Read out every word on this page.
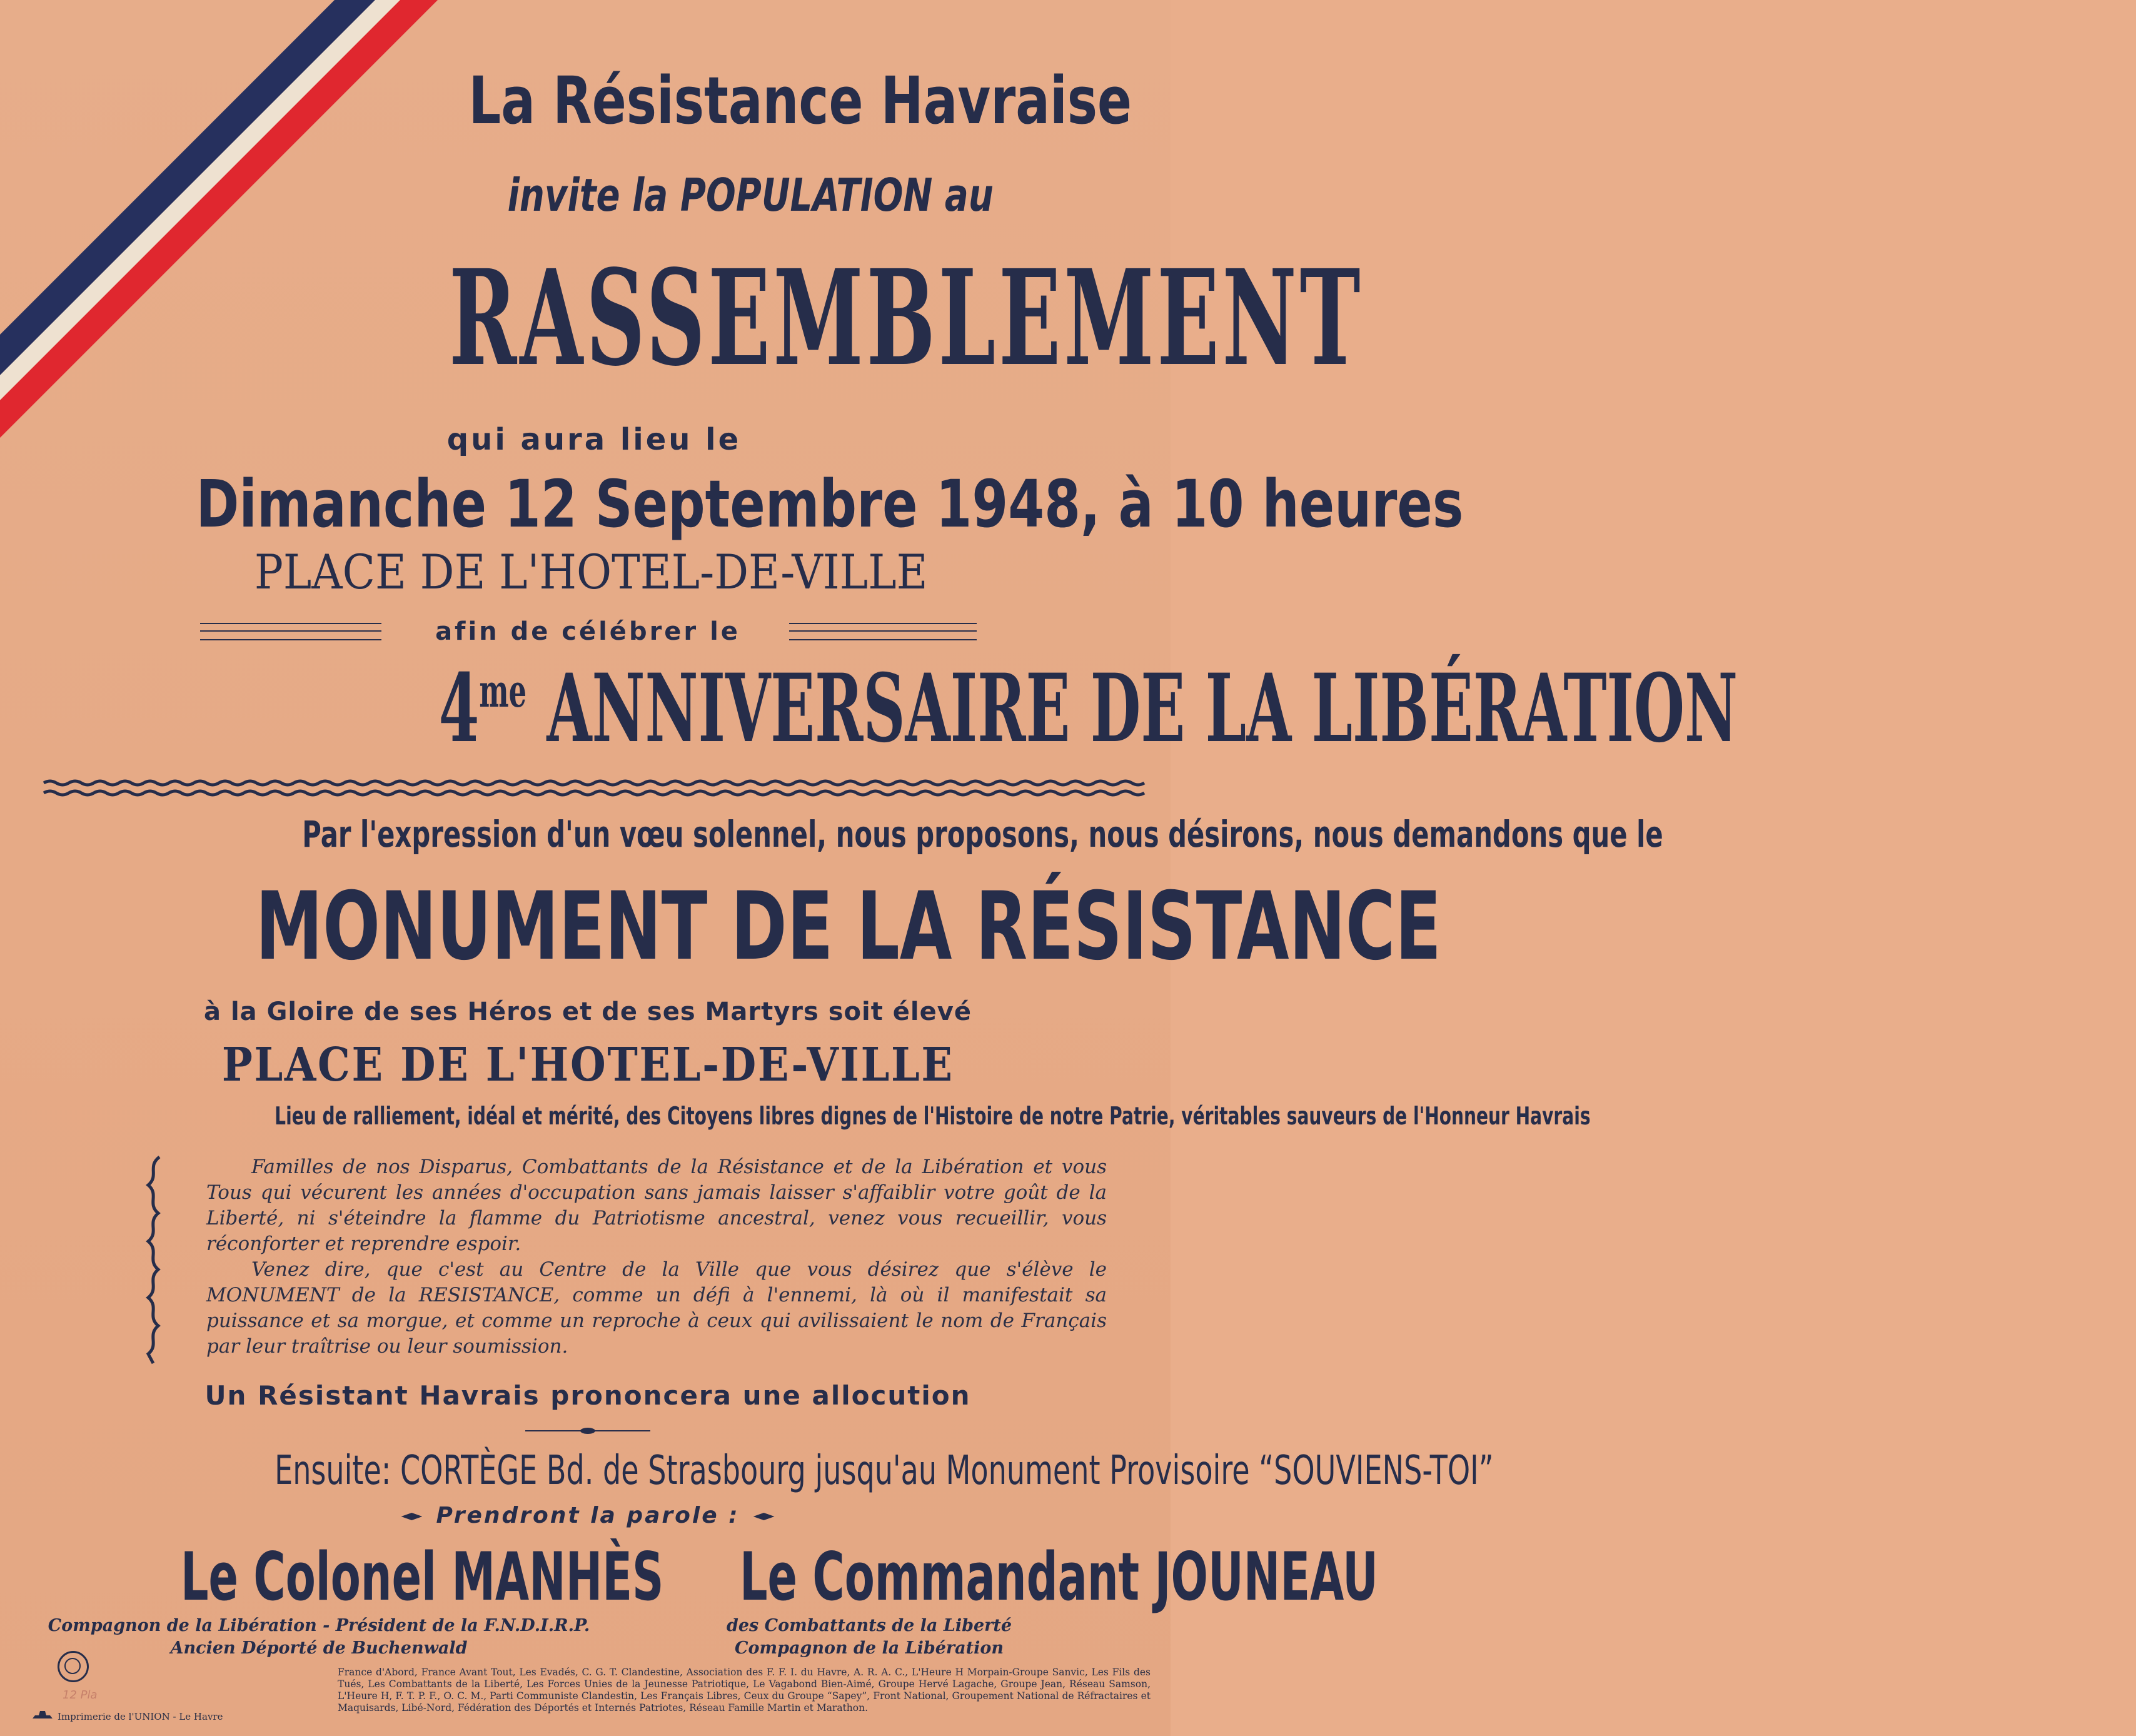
La Résistance Havraise
invite la POPULATION au
RASSEMBLEMENT
qui aura lieu le
Dimanche 12 Septembre 1948, à 10 heures
PLACE DE L'HOTEL-DE-VILLE
afin de célébrer le
$4^{me}$ ANNIVERSAIRE DE LA LIBÉRATION
Par l'expression d'un vœu solennel, nous proposons, nous désirons, nous demandons que le
MONUMENT DE LA RÉSISTANCE
à la Gloire de ses Héros et de ses Martyrs soit élevé
PLACE DE L'HOTEL-DE-VILLE
Lieu de ralliement, idéal et mérité, des Citoyens libres dignes de l'Histoire de notre Patrie, véritables sauveurs de l'Honneur Havrais

Familles de nos Disparus, Combattants de la Résistance et de la Libération et vous Tous qui vécurent les années d'occupation sans jamais laisser s'affaiblir votre goût de la Liberté, ni s'éteindre la flamme du Patriotisme ancestral, venez vous recueillir, vous réconforter et reprendre espoir.

Venez dire, que c'est au Centre de la Ville que vous désirez que s'élève le MONUMENT de la RESISTANCE, comme un défi à l'ennemi, là où il manifestait sa puissance et sa morgue, et comme un reproche à ceux qui avilissaient le nom de Français par leur traîtrise ou leur soumission.

Un Résistant Havrais prononcera une allocution
Ensuite: CORTÈGE Bd. de Strasbourg jusqu'au Monument Provisoire “SOUVIENS-TOI”
Prendront la parole :
Le Colonel MANHÈS	Le Commandant JOUNEAU
Compagnon de la Libération - Président de la F.N.D.I.R.P.
Ancien Déporté de Buchenwald
des Combattants de la Liberté
Compagnon de la Libération
12 Pla
France d'Abord, France Avant Tout, Les Evadés, C. G. T. Clandestine, Association des F. F. I. du Havre, A. R. A. C., L'Heure H Morpain-Groupe Sanvic, Les Fils des Tués, Les Combattants de la Liberté, Les Forces Unies de la Jeunesse Patriotique, Le Vagabond Bien-Aimé, Groupe Hervé Lagache, Groupe Jean, Réseau Samson, L'Heure H, F. T. P. F., O. C. M., Parti Communiste Clandestin, Les Français Libres, Ceux du Groupe “Sapey”, Front National, Groupement National de Réfractaires et Maquisards, Libé-Nord, Fédération des Déportés et Internés Patriotes, Réseau Famille Martin et Marathon.
Imprimerie de l'UNION - Le Havre
